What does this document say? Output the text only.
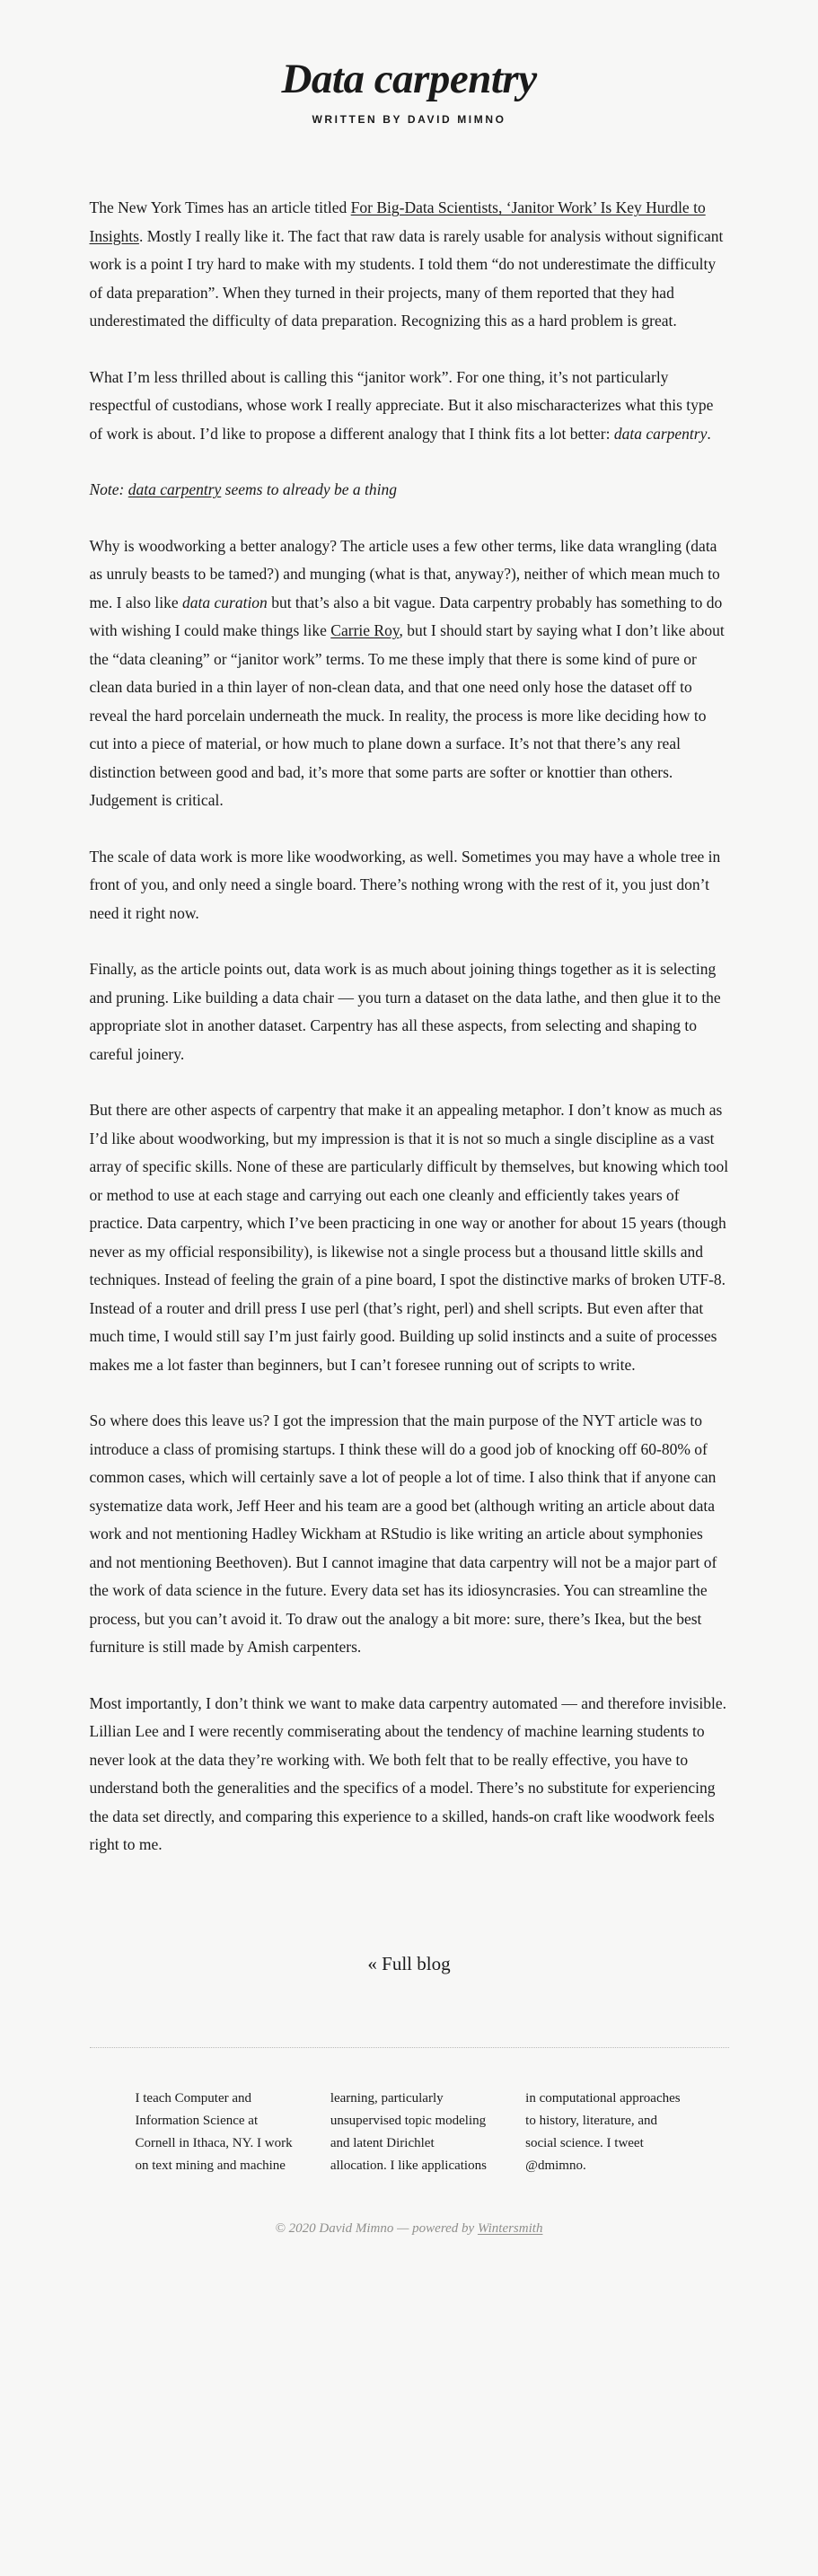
Data carpentry
WRITTEN BY DAVID MIMNO

The New York Times has an article titled For Big-Data Scientists, ‘Janitor Work’ Is Key Hurdle to Insights. Mostly I really like it. The fact that raw data is rarely usable for analysis without significant work is a point I try hard to make with my students. I told them “do not underestimate the difficulty of data preparation”. When they turned in their projects, many of them reported that they had underestimated the difficulty of data preparation. Recognizing this as a hard problem is great.

What I’m less thrilled about is calling this “janitor work”. For one thing, it’s not particularly respectful of custodians, whose work I really appreciate. But it also mischaracterizes what this type of work is about. I’d like to propose a different analogy that I think fits a lot better: data carpentry.

Note: data carpentry seems to already be a thing

Why is woodworking a better analogy? The article uses a few other terms, like data wrangling (data as unruly beasts to be tamed?) and munging (what is that, anyway?), neither of which mean much to me. I also like data curation but that’s also a bit vague. Data carpentry probably has something to do with wishing I could make things like Carrie Roy, but I should start by saying what I don’t like about the “data cleaning” or “janitor work” terms. To me these imply that there is some kind of pure or clean data buried in a thin layer of non-clean data, and that one need only hose the dataset off to reveal the hard porcelain underneath the muck. In reality, the process is more like deciding how to cut into a piece of material, or how much to plane down a surface. It’s not that there’s any real distinction between good and bad, it’s more that some parts are softer or knottier than others. Judgement is critical.

The scale of data work is more like woodworking, as well. Sometimes you may have a whole tree in front of you, and only need a single board. There’s nothing wrong with the rest of it, you just don’t need it right now.

Finally, as the article points out, data work is as much about joining things together as it is selecting and pruning. Like building a data chair — you turn a dataset on the data lathe, and then glue it to the appropriate slot in another dataset. Carpentry has all these aspects, from selecting and shaping to careful joinery.

But there are other aspects of carpentry that make it an appealing metaphor. I don’t know as much as I’d like about woodworking, but my impression is that it is not so much a single discipline as a vast array of specific skills. None of these are particularly difficult by themselves, but knowing which tool or method to use at each stage and carrying out each one cleanly and efficiently takes years of practice. Data carpentry, which I’ve been practicing in one way or another for about 15 years (though never as my official responsibility), is likewise not a single process but a thousand little skills and techniques. Instead of feeling the grain of a pine board, I spot the distinctive marks of broken UTF-8. Instead of a router and drill press I use perl (that’s right, perl) and shell scripts. But even after that much time, I would still say I’m just fairly good. Building up solid instincts and a suite of processes makes me a lot faster than beginners, but I can’t foresee running out of scripts to write.

So where does this leave us? I got the impression that the main purpose of the NYT article was to introduce a class of promising startups. I think these will do a good job of knocking off 60-80% of common cases, which will certainly save a lot of people a lot of time. I also think that if anyone can systematize data work, Jeff Heer and his team are a good bet (although writing an article about data work and not mentioning Hadley Wickham at RStudio is like writing an article about symphonies and not mentioning Beethoven). But I cannot imagine that data carpentry will not be a major part of the work of data science in the future. Every data set has its idiosyncrasies. You can streamline the process, but you can’t avoid it. To draw out the analogy a bit more: sure, there’s Ikea, but the best furniture is still made by Amish carpenters.

Most importantly, I don’t think we want to make data carpentry automated — and therefore invisible. Lillian Lee and I were recently commiserating about the tendency of machine learning students to never look at the data they’re working with. We both felt that to be really effective, you have to understand both the generalities and the specifics of a model. There’s no substitute for experiencing the data set directly, and comparing this experience to a skilled, hands-on craft like woodwork feels right to me.

« Full blog
I teach Computer and Information Science at Cornell in Ithaca, NY. I work on text mining and machine learning, particularly unsupervised topic modeling and latent Dirichlet allocation. I like applications in computational approaches to history, literature, and social science. I tweet @dmimno.
© 2020 David Mimno — powered by Wintersmith
